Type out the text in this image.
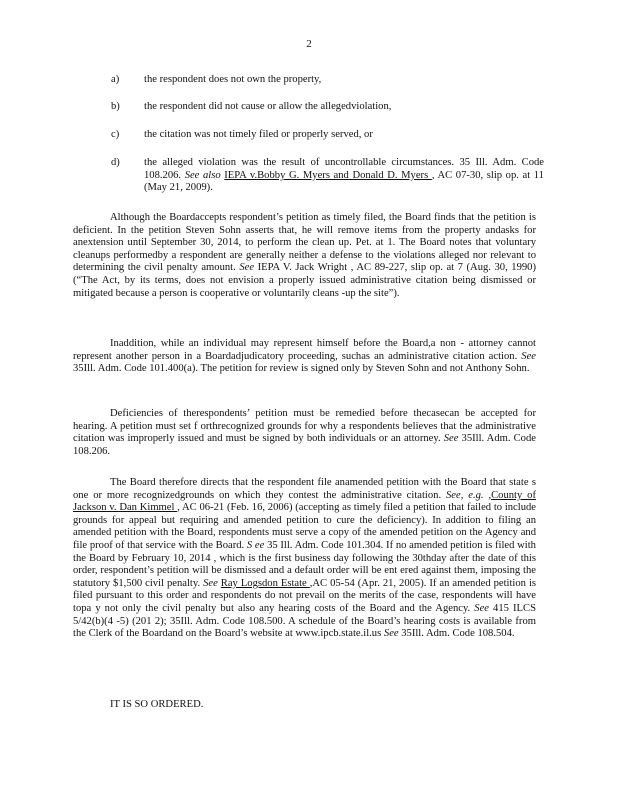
2
a) the respondent does not own the property,
b) the respondent did not cause or allow the allegedviolation,
c) the citation was not timely filed or properly served, or
d) the alleged violation was the result of uncontrollable circumstances. 35 Ill. Adm. Code 108.206. See also IEPA v.Bobby G. Myers and Donald D. Myers , AC 07-30, slip op. at 11 (May 21, 2009).

Although the Boardaccepts respondent’s petition as timely filed, the Board finds that the petition is deficient. In the petition Steven Sohn asserts that, he will remove items from the property andasks for anextension until September 30, 2014, to perform the clean up. Pet. at 1. The Board notes that voluntary cleanups performedby a respondent are generally neither a defense to the violations alleged nor relevant to determining the civil penalty amount. See IEPA V. Jack Wright , AC 89-227, slip op. at 7 (Aug. 30, 1990) (“The Act, by its terms, does not envision a properly issued administrative citation being dismissed or mitigated because a person is cooperative or voluntarily cleans -up the site”).

Inaddition, while an individual may represent himself before the Board,a non - attorney cannot represent another person in a Boardadjudicatory proceeding, suchas an administrative citation action. See 35Ill. Adm. Code 101.400(a). The petition for review is signed only by Steven Sohn and not Anthony Sohn.

Deficiencies of therespondents’ petition must be remedied before thecasecan be accepted for hearing. A petition must set f orthrecognized grounds for why a respondents believes that the administrative citation was improperly issued and must be signed by both individuals or an attorney. See 35Ill. Adm. Code 108.206.

The Board therefore directs that the respondent file anamended petition with the Board that state s one or more recognizedgrounds on which they contest the administrative citation. See, e.g. ,County of Jackson v. Dan Kimmel , AC 06-21 (Feb. 16, 2006) (accepting as timely filed a petition that failed to include grounds for appeal but requiring and amended petition to cure the deficiency). In addition to filing an amended petition with the Board, respondents must serve a copy of the amended petition on the Agency and file proof of that service with the Board. S ee 35 Ill. Adm. Code 101.304. If no amended petition is filed with the Board by February 10, 2014 , which is the first business day following the 30thday after the date of this order, respondent’s petition will be dismissed and a default order will be ent ered against them, imposing the statutory $1,500 civil penalty. See Ray Logsdon Estate ,AC 05-54 (Apr. 21, 2005). If an amended petition is filed pursuant to this order and respondents do not prevail on the merits of the case, respondents will have topa y not only the civil penalty but also any hearing costs of the Board and the Agency. See 415 ILCS 5/42(b)(4 -5) (201 2); 35Ill. Adm. Code 108.500. A schedule of the Board’s hearing costs is available from the Clerk of the Boardand on the Board’s website at www.ipcb.state.il.us See 35Ill. Adm. Code 108.504.

IT IS SO ORDERED.
